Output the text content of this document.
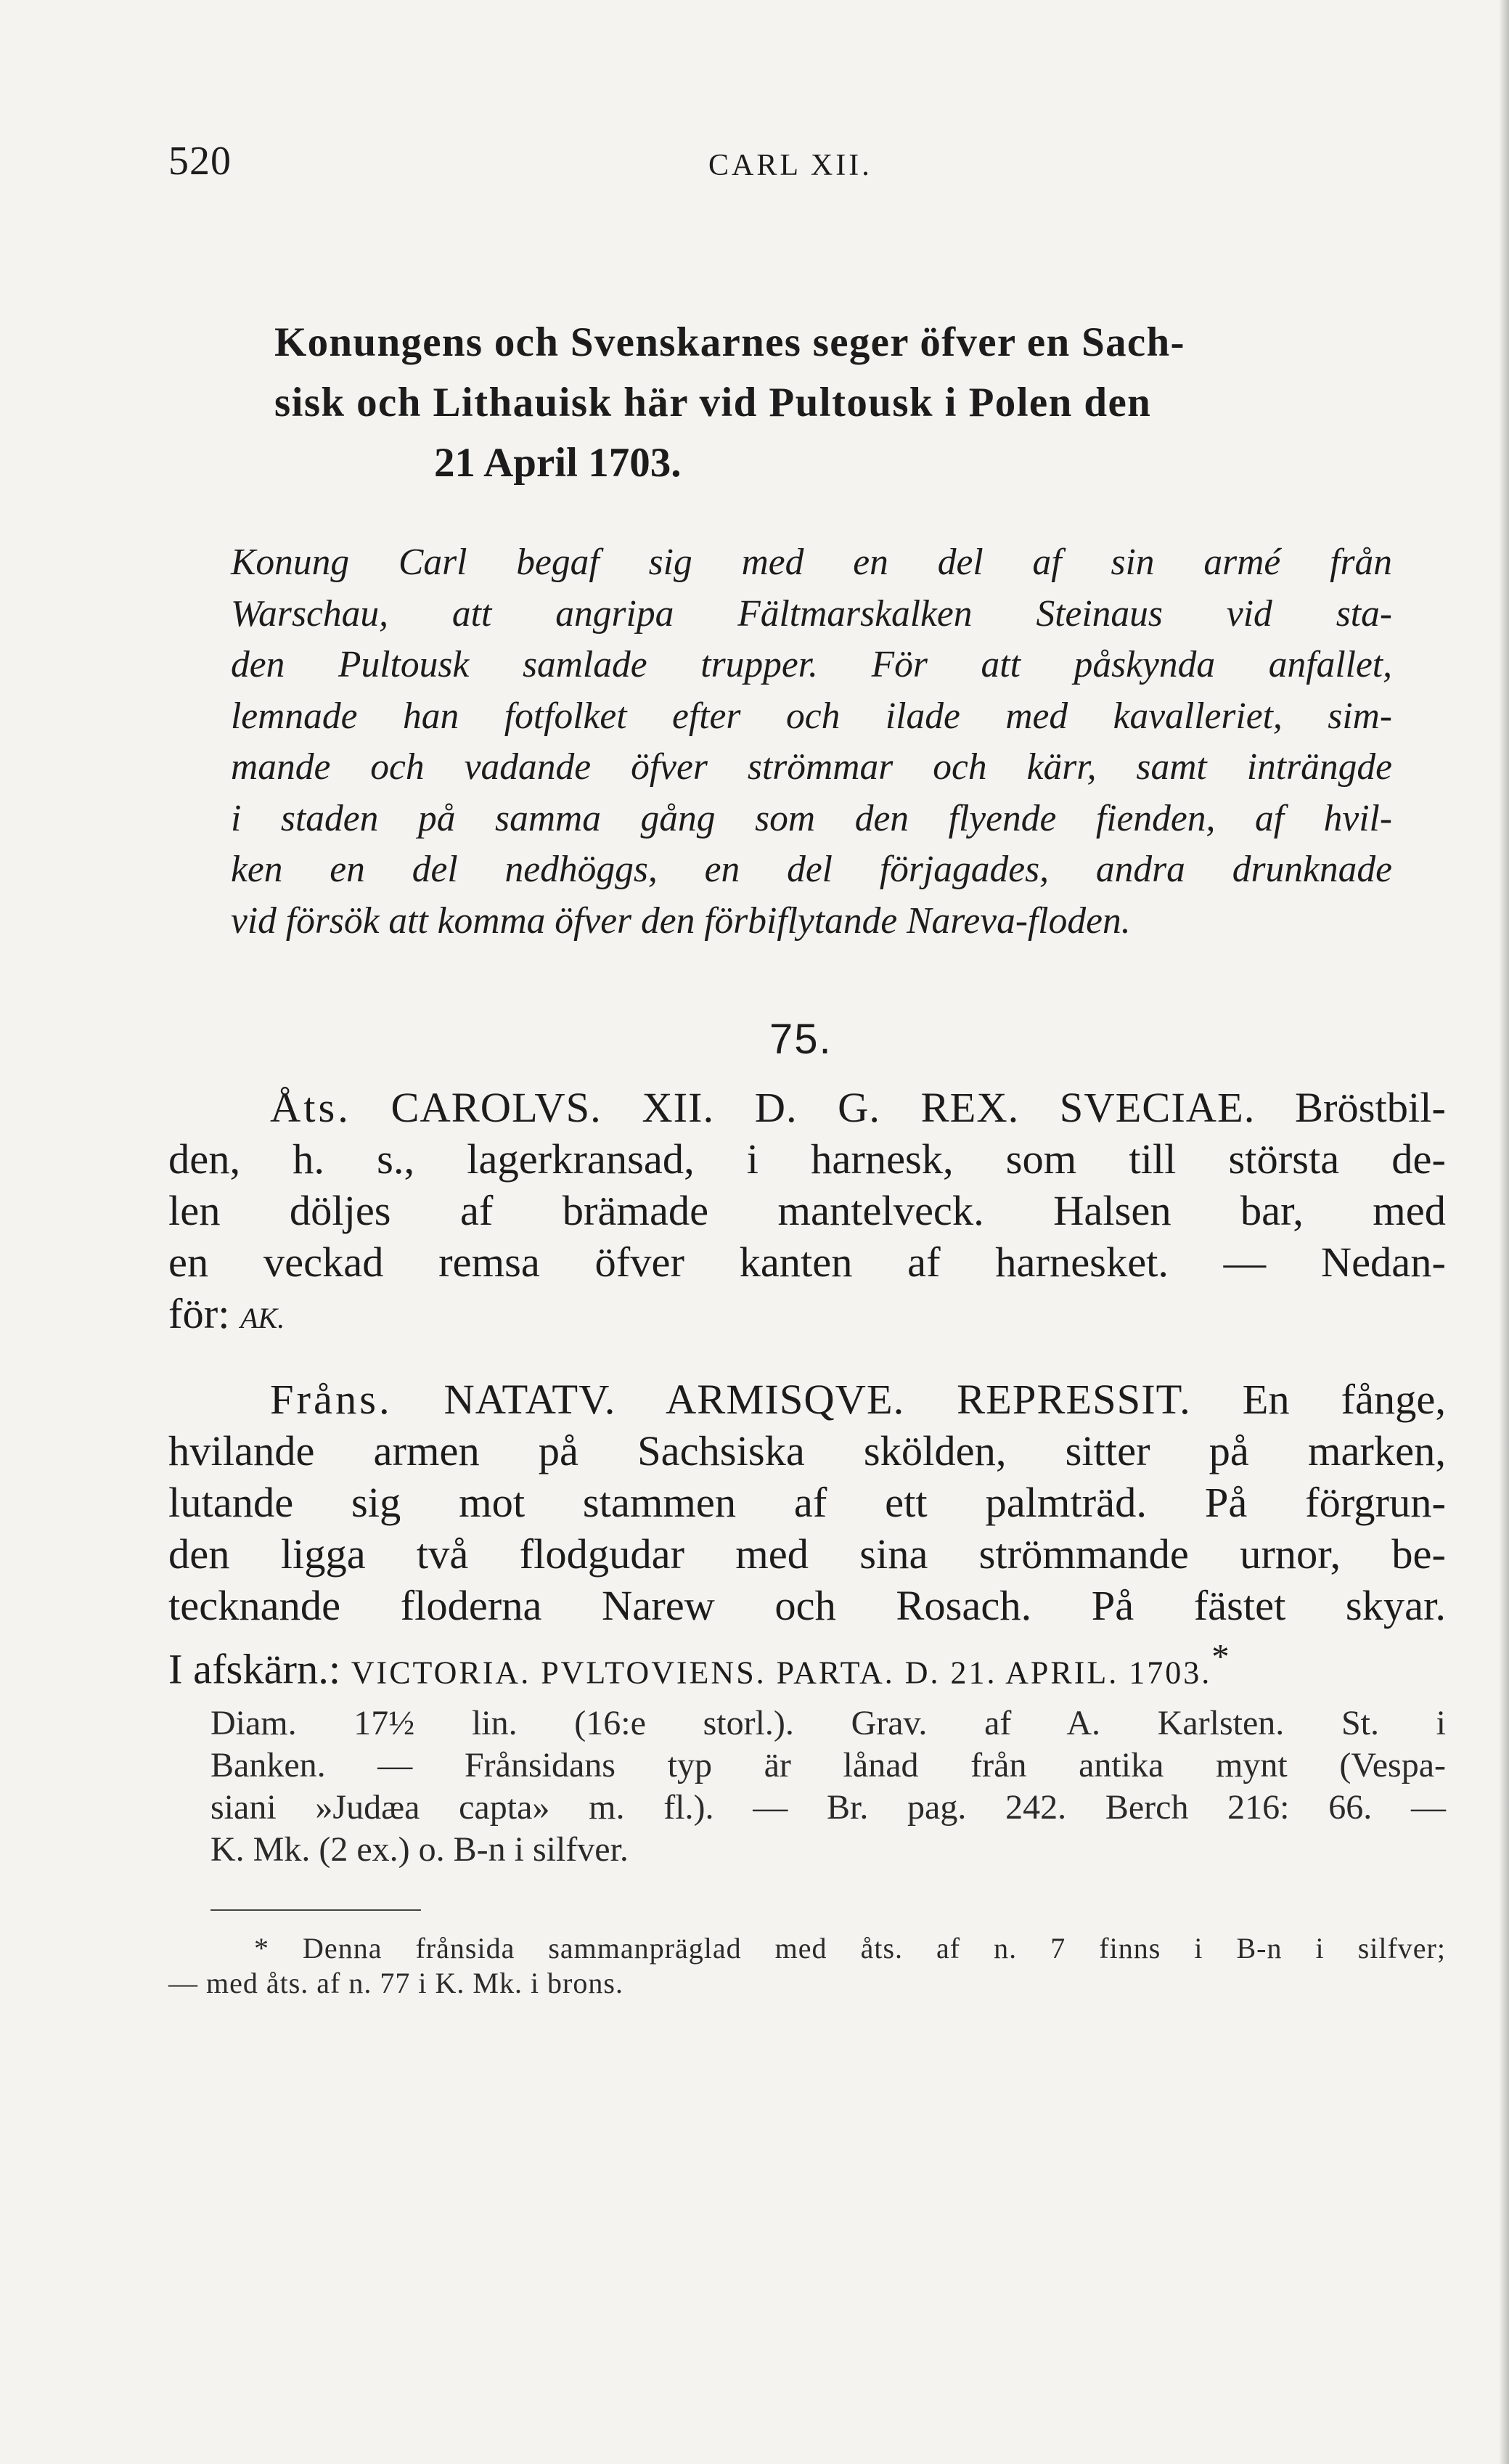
520	CARL XII.
Konungens och Svenskarnes seger öfver en Sach-
sisk och Lithauisk här vid Pultousk i Polen den
21 April 1703.
Konung Carl begaf sig med en del af sin armé från
Warschau, att angripa Fältmarskalken Steinaus vid sta-
den Pultousk samlade trupper. För att påskynda anfallet,
lemnade han fotfolket efter och ilade med kavalleriet, sim-
mande och vadande öfver strömmar och kärr, samt inträngde
i staden på samma gång som den flyende fienden, af hvil-
ken en del nedhöggs, en del förjagades, andra drunknade
vid försök att komma öfver den förbiflytande Nareva-floden.
75.
Åts. CAROLVS. XII. D. G. REX. SVECIAE. Bröstbil-
den, h. s., lagerkransad, i harnesk, som till största de-
len döljes af brämade mantelveck. Halsen bar, med
en veckad remsa öfver kanten af harnesket. — Nedan-
för: AK.
Fråns. NATATV. ARMISQVE. REPRESSIT. En fånge,
hvilande armen på Sachsiska skölden, sitter på marken,
lutande sig mot stammen af ett palmträd. På förgrun-
den ligga två flodgudar med sina strömmande urnor, be-
tecknande floderna Narew och Rosach. På fästet skyar.
I afskärn.: VICTORIA. PVLTOVIENS. PARTA. D. 21. APRIL. 1703.*
Diam. 17½ lin. (16:e storl.). Grav. af A. Karlsten. St. i
Banken. — Frånsidans typ är lånad från antika mynt (Vespa-
siani »Judæa capta» m. fl.). — Br. pag. 242. Berch 216: 66. —
K. Mk. (2 ex.) o. B-n i silfver.
* Denna frånsida sammanpräglad med åts. af n. 7 finns i B-n i silfver;
— med åts. af n. 77 i K. Mk. i brons.
